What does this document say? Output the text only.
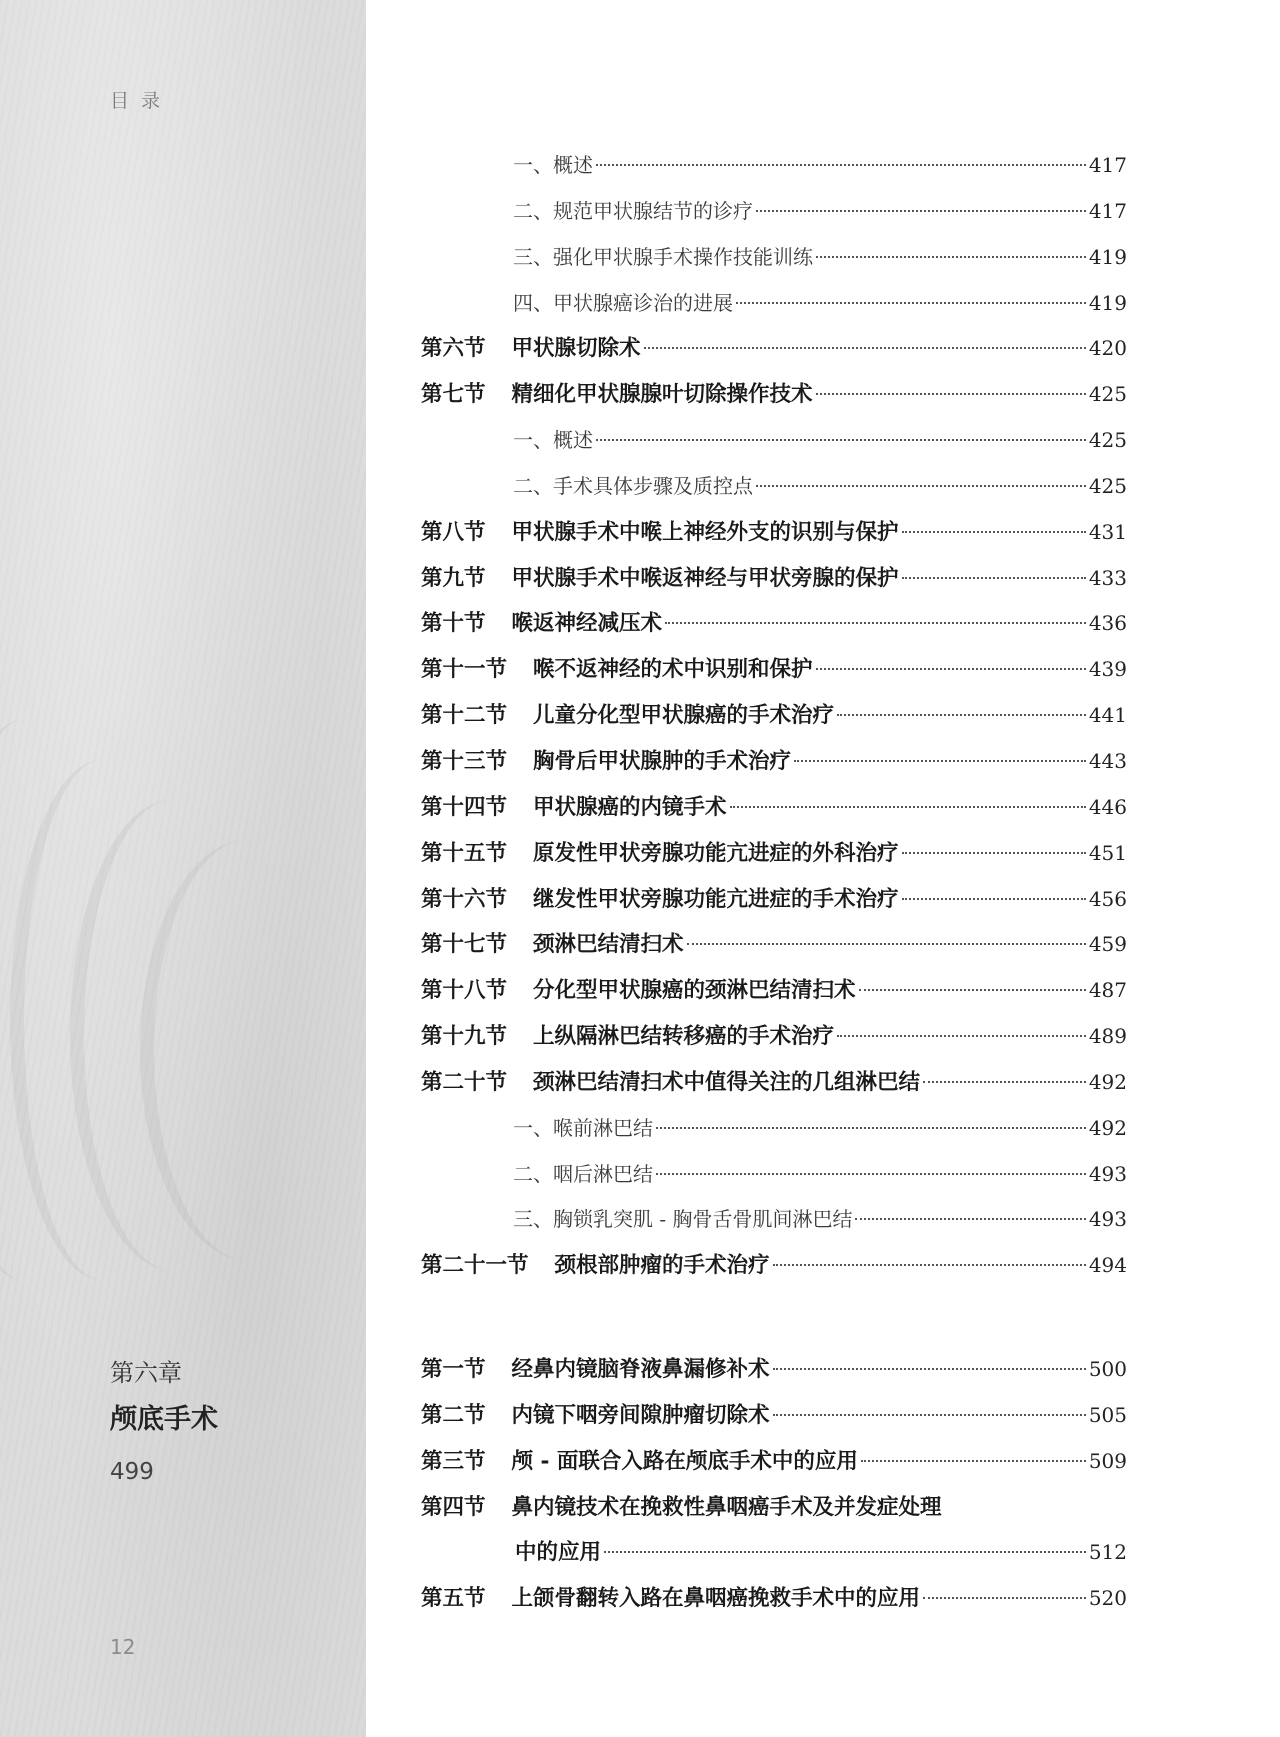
目录
第六章
颅底手术
499
12
一、概述	417
二、规范甲状腺结节的诊疗	417
三、强化甲状腺手术操作技能训练	419
四、甲状腺癌诊治的进展	419
第六节 甲状腺切除术	420
第七节 精细化甲状腺腺叶切除操作技术	425
一、概述	425
二、手术具体步骤及质控点	425
第八节 甲状腺手术中喉上神经外支的识别与保护	431
第九节 甲状腺手术中喉返神经与甲状旁腺的保护	433
第十节 喉返神经减压术	436
第十一节 喉不返神经的术中识别和保护	439
第十二节 儿童分化型甲状腺癌的手术治疗	441
第十三节 胸骨后甲状腺肿的手术治疗	443
第十四节 甲状腺癌的内镜手术	446
第十五节 原发性甲状旁腺功能亢进症的外科治疗	451
第十六节 继发性甲状旁腺功能亢进症的手术治疗	456
第十七节 颈淋巴结清扫术	459
第十八节 分化型甲状腺癌的颈淋巴结清扫术	487
第十九节 上纵隔淋巴结转移癌的手术治疗	489
第二十节 颈淋巴结清扫术中值得关注的几组淋巴结	492
一、喉前淋巴结	492
二、咽后淋巴结	493
三、胸锁乳突肌 - 胸骨舌骨肌间淋巴结	493
第二十一节 颈根部肿瘤的手术治疗	494
第一节 经鼻内镜脑脊液鼻漏修补术	500
第二节 内镜下咽旁间隙肿瘤切除术	505
第三节 颅 - 面联合入路在颅底手术中的应用	509
第四节 鼻内镜技术在挽救性鼻咽癌手术及并发症处理
中的应用	512
第五节 上颌骨翻转入路在鼻咽癌挽救手术中的应用	520
